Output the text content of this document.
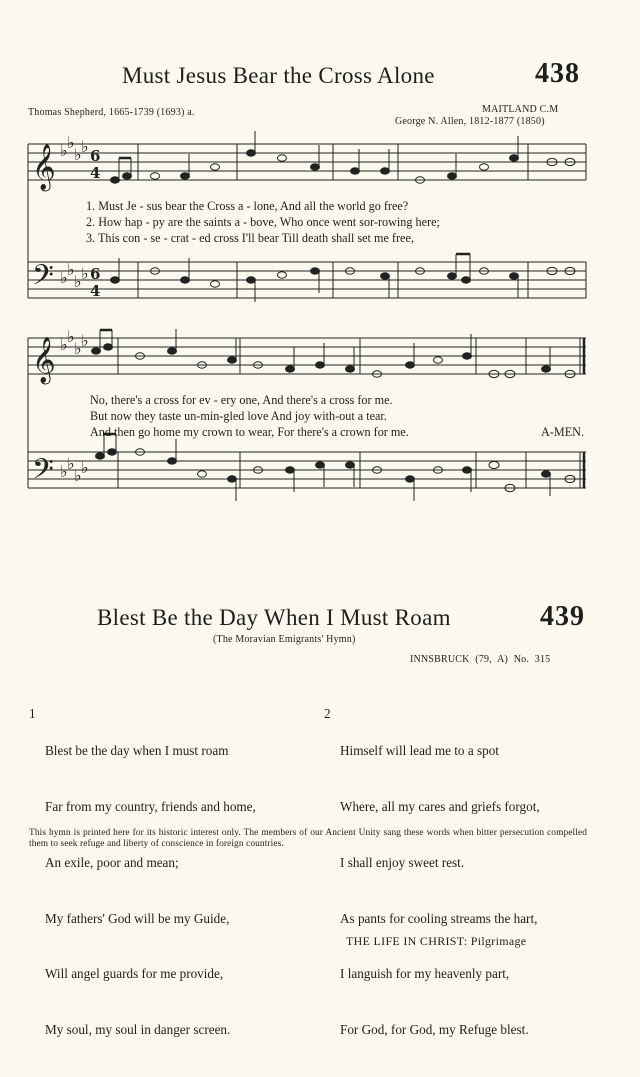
Must Jesus Bear the Cross Alone	438
Thomas Shepherd, 1665-1739 (1693) a.	MAITLAND C.M
George N. Allen, 1812-1877 (1850)
𝄞
𝄢
𝄞
𝄢
♭ ♭
♭ ♭
♭ ♭
♭ ♭
♭ ♭
♭ ♭
♭ ♭
♭ ♭
6
4
6
4
1. Must Je - sus bear the Cross a - lone, And all the world go free?
2. How hap - py are the saints a - bove, Who once went sor-rowing here;
3. This con - se - crat - ed cross I'll bear Till death shall set me free,
No, there's a cross for ev - ery one, And there's a cross for me.
But now they taste un-min-gled love And joy with-out a tear.
And then go home my crown to wear, For there's a crown for me.	A-MEN.
Blest Be the Day When I Must Roam	439
(The Moravian Emigrants' Hymn)
INNSBRUCK (79, A) No. 315
1

Blest be the day when I must roam

Far from my country, friends and home,

An exile, poor and mean;

My fathers' God will be my Guide,

Will angel guards for me provide,

My soul, my soul in danger screen.

2

Himself will lead me to a spot

Where, all my cares and griefs forgot,

I shall enjoy sweet rest.

As pants for cooling streams the hart,

I languish for my heavenly part,

For God, for God, my Refuge blest.

This hymn is printed here for its historic interest only. The members of our Ancient Unity sang these words when bitter persecution compelled them to seek refuge and liberty of conscience in foreign countries.
THE LIFE IN CHRIST: Pilgrimage
